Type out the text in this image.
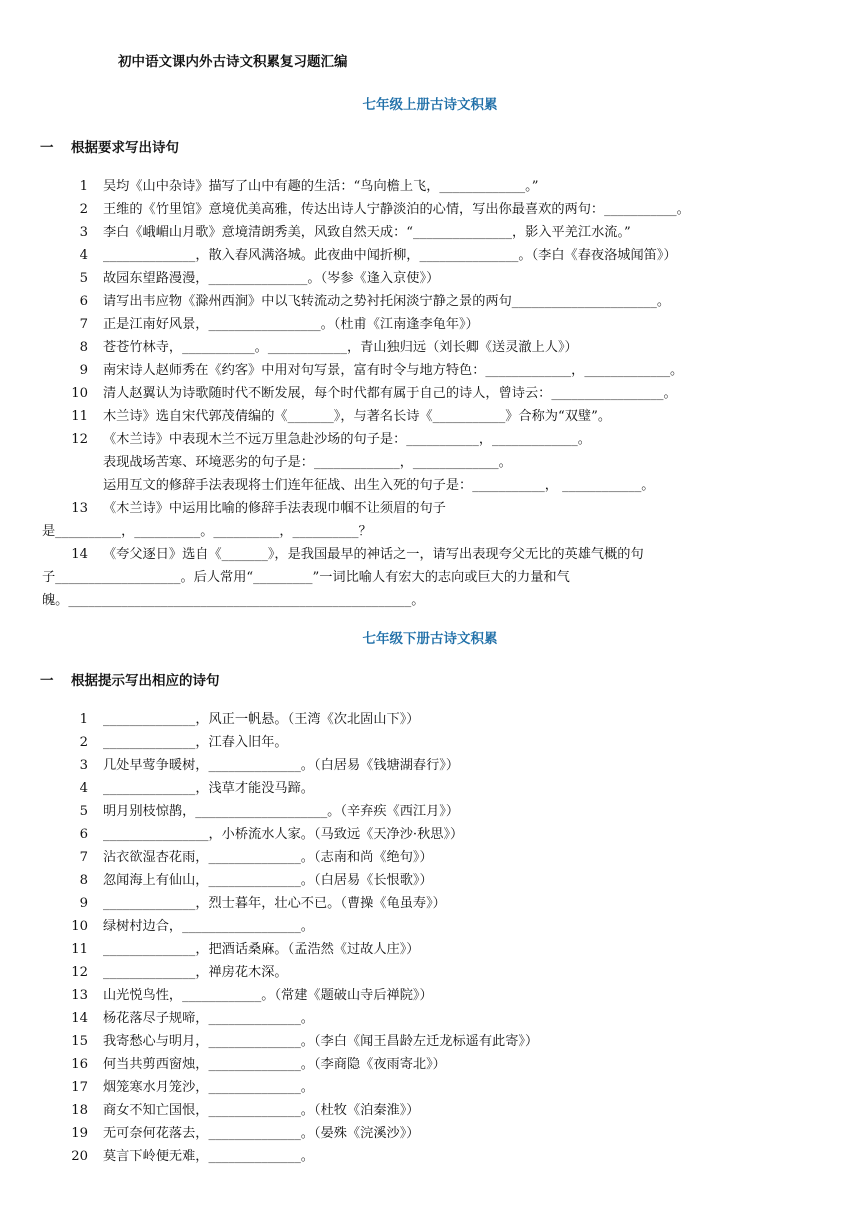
初中语文课内外古诗文积累复习题汇编
七年级上册古诗文积累
一 根据要求写出诗句
1 吴均《山中杂诗》描写了山中有趣的生活：“鸟向檐上飞，_____________。”
2 王维的《竹里馆》意境优美高雅，传达出诗人宁静淡泊的心情，写出你最喜欢的两句：___________。
3 李白《峨嵋山月歌》意境清朗秀美，风致自然天成：“_______________，影入平羌江水流。”
4 ______________，散入春风满洛城。此夜曲中闻折柳，_______________。（李白《春夜洛城闻笛》）
5 故园东望路漫漫，_______________。（岑参《逢入京使》）
6 请写出韦应物《滁州西涧》中以飞转流动之势衬托闲淡宁静之景的两句______________________。
7 正是江南好风景，_________________。（杜甫《江南逢李龟年》）
8 苍苍竹林寺，___________。____________，青山独归远（刘长卿《送灵澈上人》）
9 南宋诗人赵师秀在《约客》中用对句写景，富有时令与地方特色：_____________，_____________。
10 清人赵翼认为诗歌随时代不断发展，每个时代都有属于自己的诗人，曾诗云：_________________。
11 木兰诗》选自宋代郭茂倩编的《_______》，与著名长诗《___________》合称为“双璧”。
12 《木兰诗》中表现木兰不远万里急赴沙场的句子是：___________，_____________。
表现战场苦寒、环境恶劣的句子是：_____________，_____________。
运用互文的修辞手法表现将士们连年征战、出生入死的句子是：___________， ____________。
13 《木兰诗》中运用比喻的修辞手法表现巾帼不让须眉的句子
是__________，__________。__________，__________？
14 《夸父逐日》选自《_______》，是我国最早的神话之一，请写出表现夸父无比的英雄气概的句
子___________________。后人常用“_________”一词比喻人有宏大的志向或巨大的力量和气
魄。____________________________________________________。
七年级下册古诗文积累
一 根据提示写出相应的诗句
1 ______________，风正一帆悬。（王湾《次北固山下》）
2 ______________，江春入旧年。
3 几处早莺争暖树，______________。（白居易《钱塘湖春行》）
4 ______________，浅草才能没马蹄。
5 明月别枝惊鹊，____________________。（辛弃疾《西江月》）
6 ________________，小桥流水人家。（马致远《天净沙·秋思》）
7 沾衣欲湿杏花雨，______________。（志南和尚《绝句》）
8 忽闻海上有仙山，______________。（白居易《长恨歌》）
9 ______________，烈士暮年，壮心不已。（曹操《龟虽寿》）
10 绿树村边合，__________________。
11 ______________，把酒话桑麻。（孟浩然《过故人庄》）
12 ______________，禅房花木深。
13 山光悦鸟性，____________。（常建《题破山寺后禅院》）
14 杨花落尽子规啼，______________。
15 我寄愁心与明月，______________。（李白《闻王昌龄左迁龙标遥有此寄》）
16 何当共剪西窗烛，______________。（李商隐《夜雨寄北》）
17 烟笼寒水月笼沙，______________。
18 商女不知亡国恨，______________。（杜牧《泊秦淮》）
19 无可奈何花落去，______________。（晏殊《浣溪沙》）
20 莫言下岭便无难，______________。
